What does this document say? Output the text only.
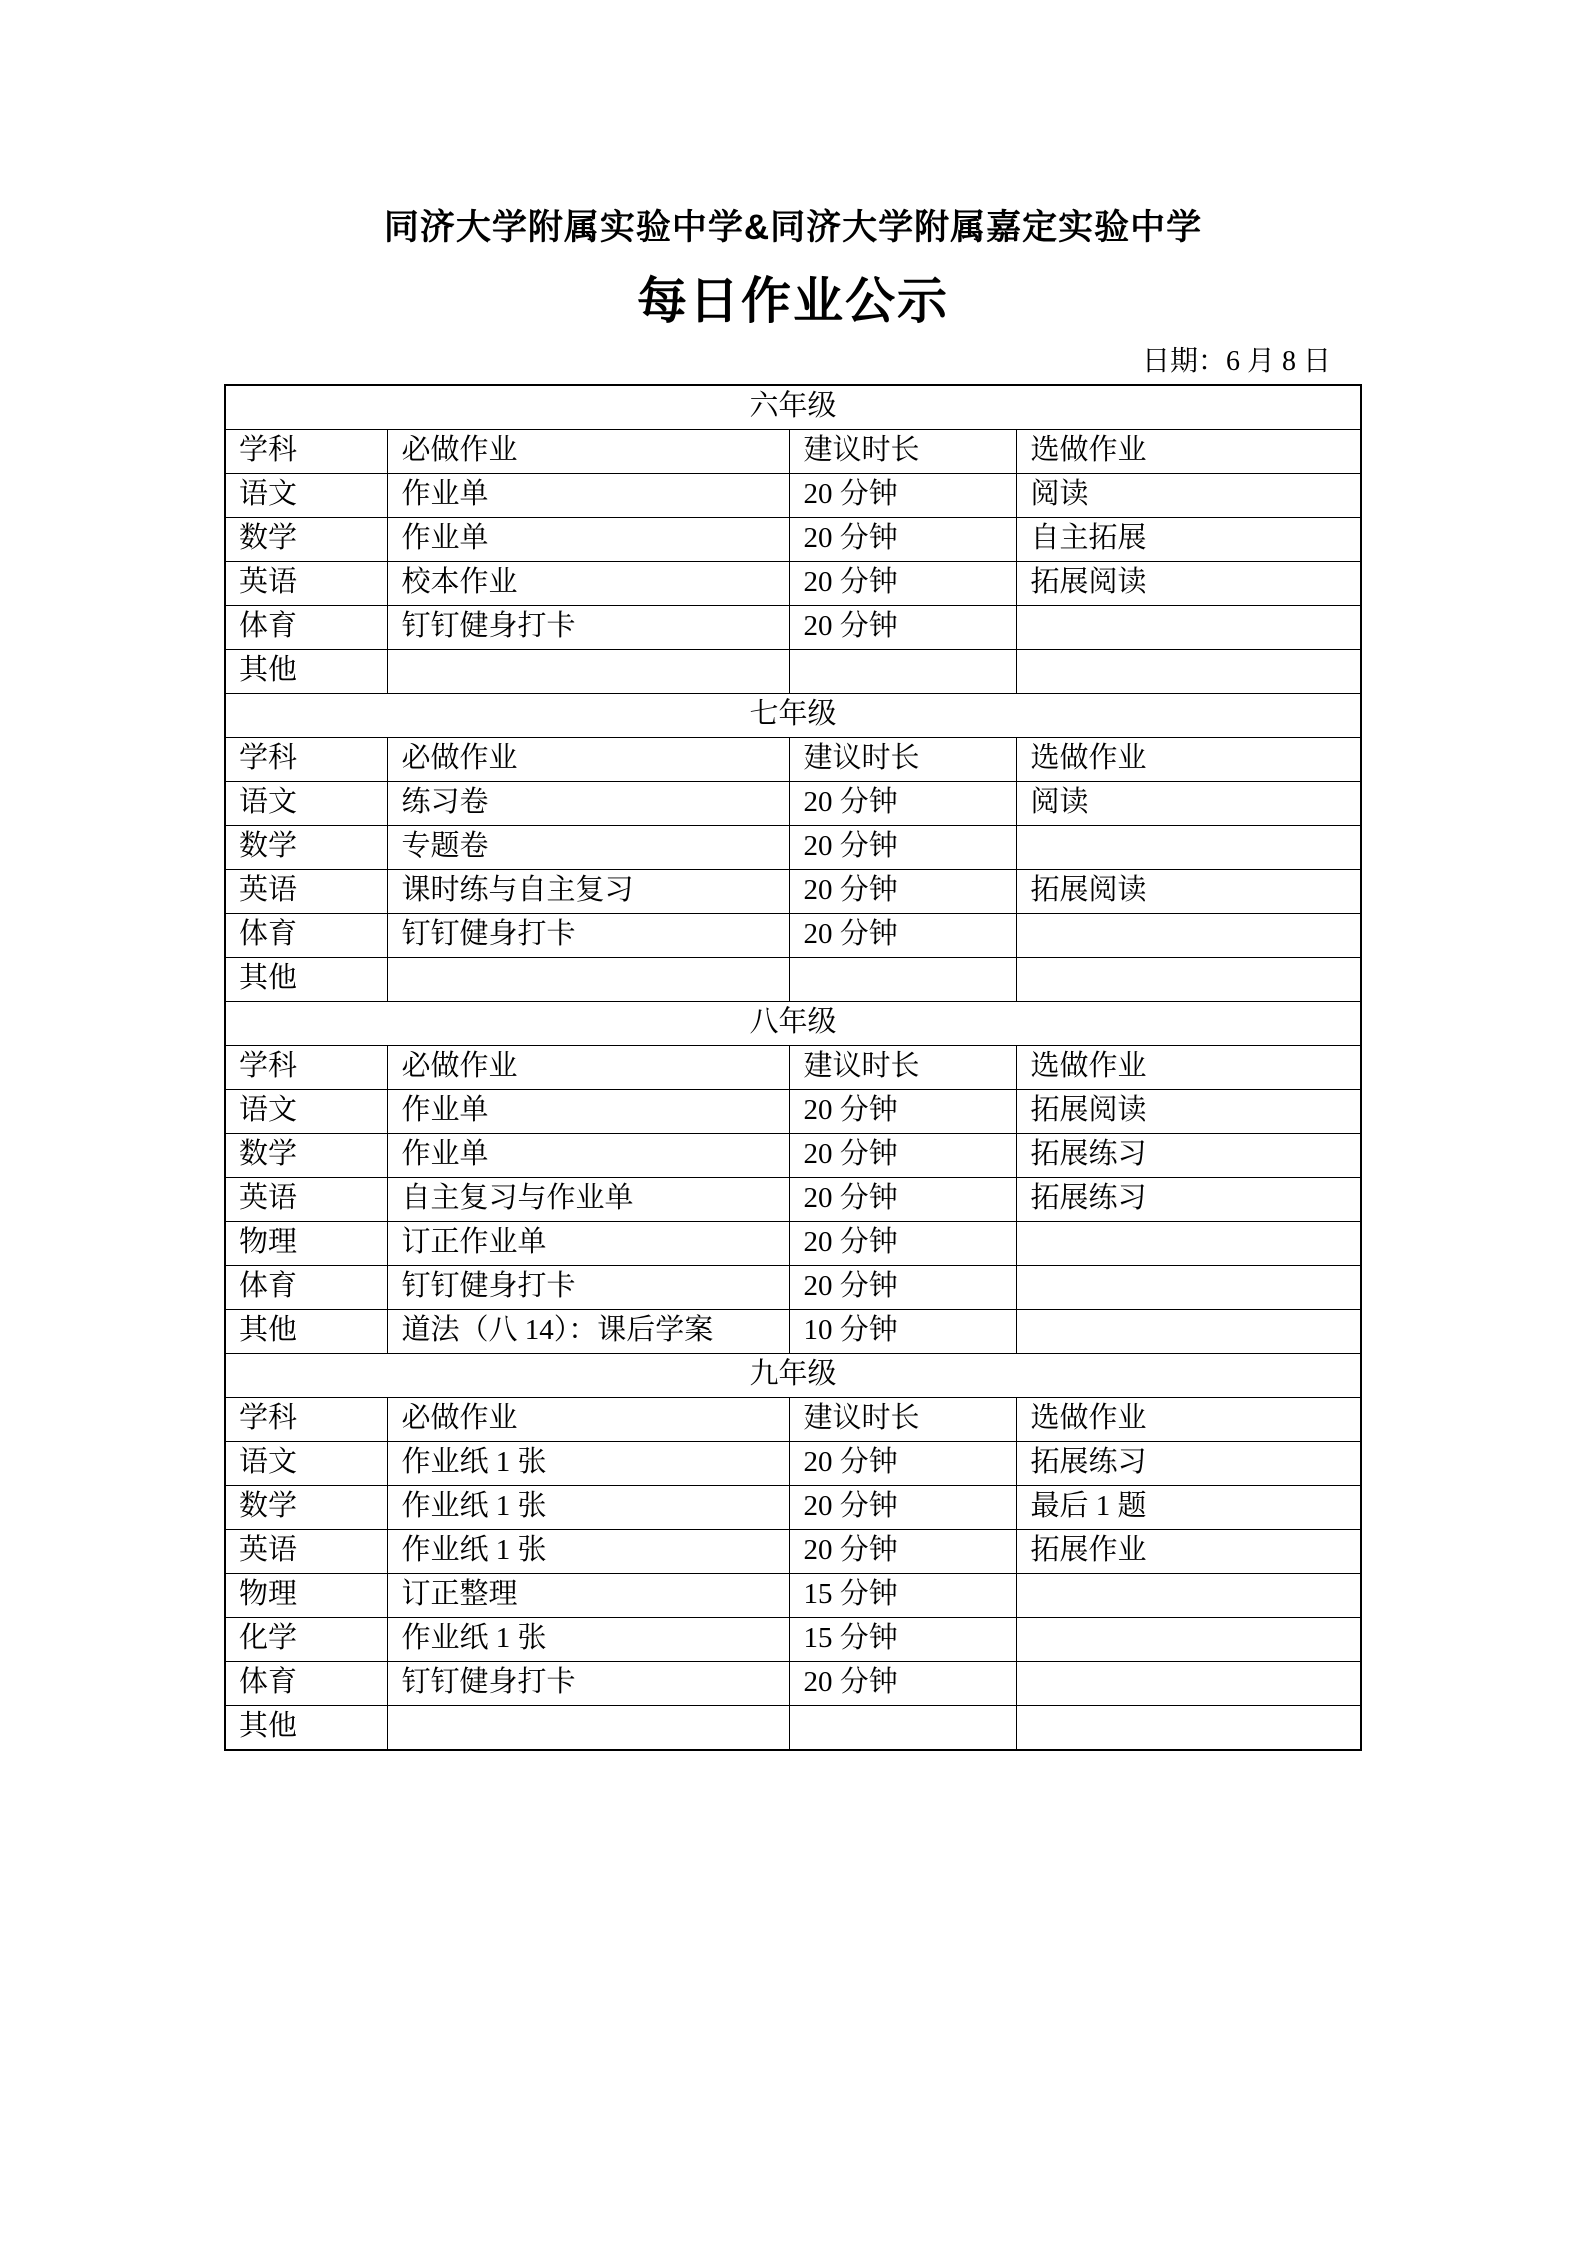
同济大学附属实验中学&同济大学附属嘉定实验中学
每日作业公示
日期：6 月 8 日
六年级			
学科	必做作业	建议时长	选做作业
语文	作业单	20 分钟	阅读
数学	作业单	20 分钟	自主拓展
英语	校本作业	20 分钟	拓展阅读
体育	钉钉健身打卡	20 分钟	
其他			
七年级			
学科	必做作业	建议时长	选做作业
语文	练习卷	20 分钟	阅读
数学	专题卷	20 分钟	
英语	课时练与自主复习	20 分钟	拓展阅读
体育	钉钉健身打卡	20 分钟	
其他			
八年级			
学科	必做作业	建议时长	选做作业
语文	作业单	20 分钟	拓展阅读
数学	作业单	20 分钟	拓展练习
英语	自主复习与作业单	20 分钟	拓展练习
物理	订正作业单	20 分钟	
体育	钉钉健身打卡	20 分钟	
其他	道法（八 14）：课后学案	10 分钟	
九年级			
学科	必做作业	建议时长	选做作业
语文	作业纸 1 张	20 分钟	拓展练习
数学	作业纸 1 张	20 分钟	最后 1 题
英语	作业纸 1 张	20 分钟	拓展作业
物理	订正整理	15 分钟	
化学	作业纸 1 张	15 分钟	
体育	钉钉健身打卡	20 分钟	
其他			
